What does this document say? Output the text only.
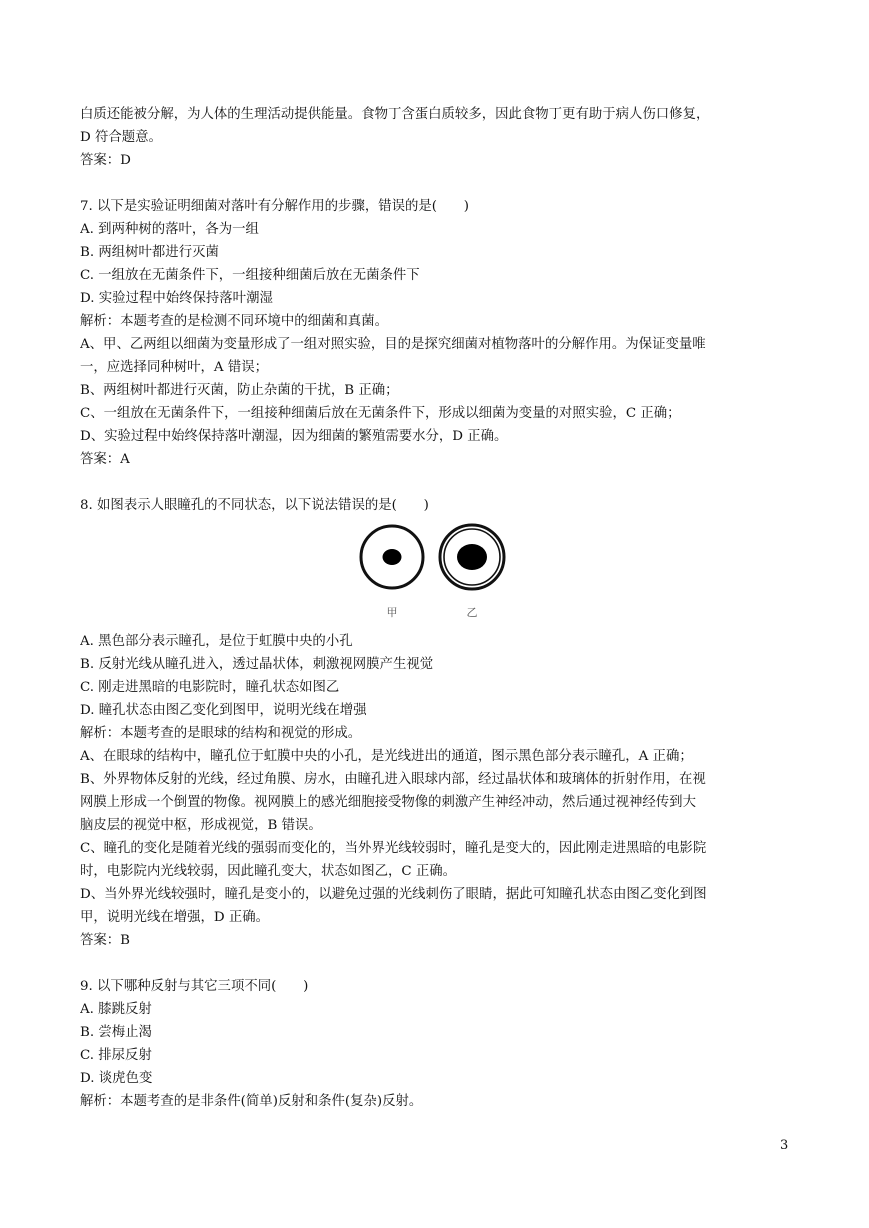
白质还能被分解，为人体的生理活动提供能量。食物丁含蛋白质较多，因此食物丁更有助于病人伤口修复，
D 符合题意。
答案：D
7. 以下是实验证明细菌对落叶有分解作用的步骤，错误的是(　　)
A. 到两种树的落叶，各为一组
B. 两组树叶都进行灭菌
C. 一组放在无菌条件下，一组接种细菌后放在无菌条件下
D. 实验过程中始终保持落叶潮湿
解析：本题考查的是检测不同环境中的细菌和真菌。
A、甲、乙两组以细菌为变量形成了一组对照实验，目的是探究细菌对植物落叶的分解作用。为保证变量唯
一，应选择同种树叶，A 错误；
B、两组树叶都进行灭菌，防止杂菌的干扰，B 正确；
C、一组放在无菌条件下，一组接种细菌后放在无菌条件下，形成以细菌为变量的对照实验，C 正确；
D、实验过程中始终保持落叶潮湿，因为细菌的繁殖需要水分，D 正确。
答案：A
8. 如图表示人眼瞳孔的不同状态，以下说法错误的是(　　)
甲	乙
A. 黑色部分表示瞳孔，是位于虹膜中央的小孔
B. 反射光线从瞳孔进入，透过晶状体，刺激视网膜产生视觉
C. 刚走进黑暗的电影院时，瞳孔状态如图乙
D. 瞳孔状态由图乙变化到图甲，说明光线在增强
解析：本题考查的是眼球的结构和视觉的形成。
A、在眼球的结构中，瞳孔位于虹膜中央的小孔，是光线进出的通道，图示黑色部分表示瞳孔，A 正确；
B、外界物体反射的光线，经过角膜、房水，由瞳孔进入眼球内部，经过晶状体和玻璃体的折射作用，在视
网膜上形成一个倒置的物像。视网膜上的感光细胞接受物像的刺激产生神经冲动，然后通过视神经传到大
脑皮层的视觉中枢，形成视觉，B 错误。
C、瞳孔的变化是随着光线的强弱而变化的，当外界光线较弱时，瞳孔是变大的，因此刚走进黑暗的电影院
时，电影院内光线较弱，因此瞳孔变大，状态如图乙，C 正确。
D、当外界光线较强时，瞳孔是变小的，以避免过强的光线刺伤了眼睛，据此可知瞳孔状态由图乙变化到图
甲，说明光线在增强，D 正确。
答案：B
9. 以下哪种反射与其它三项不同(　　)
A. 膝跳反射
B. 尝梅止渴
C. 排尿反射
D. 谈虎色变
解析：本题考查的是非条件(简单)反射和条件(复杂)反射。
3
